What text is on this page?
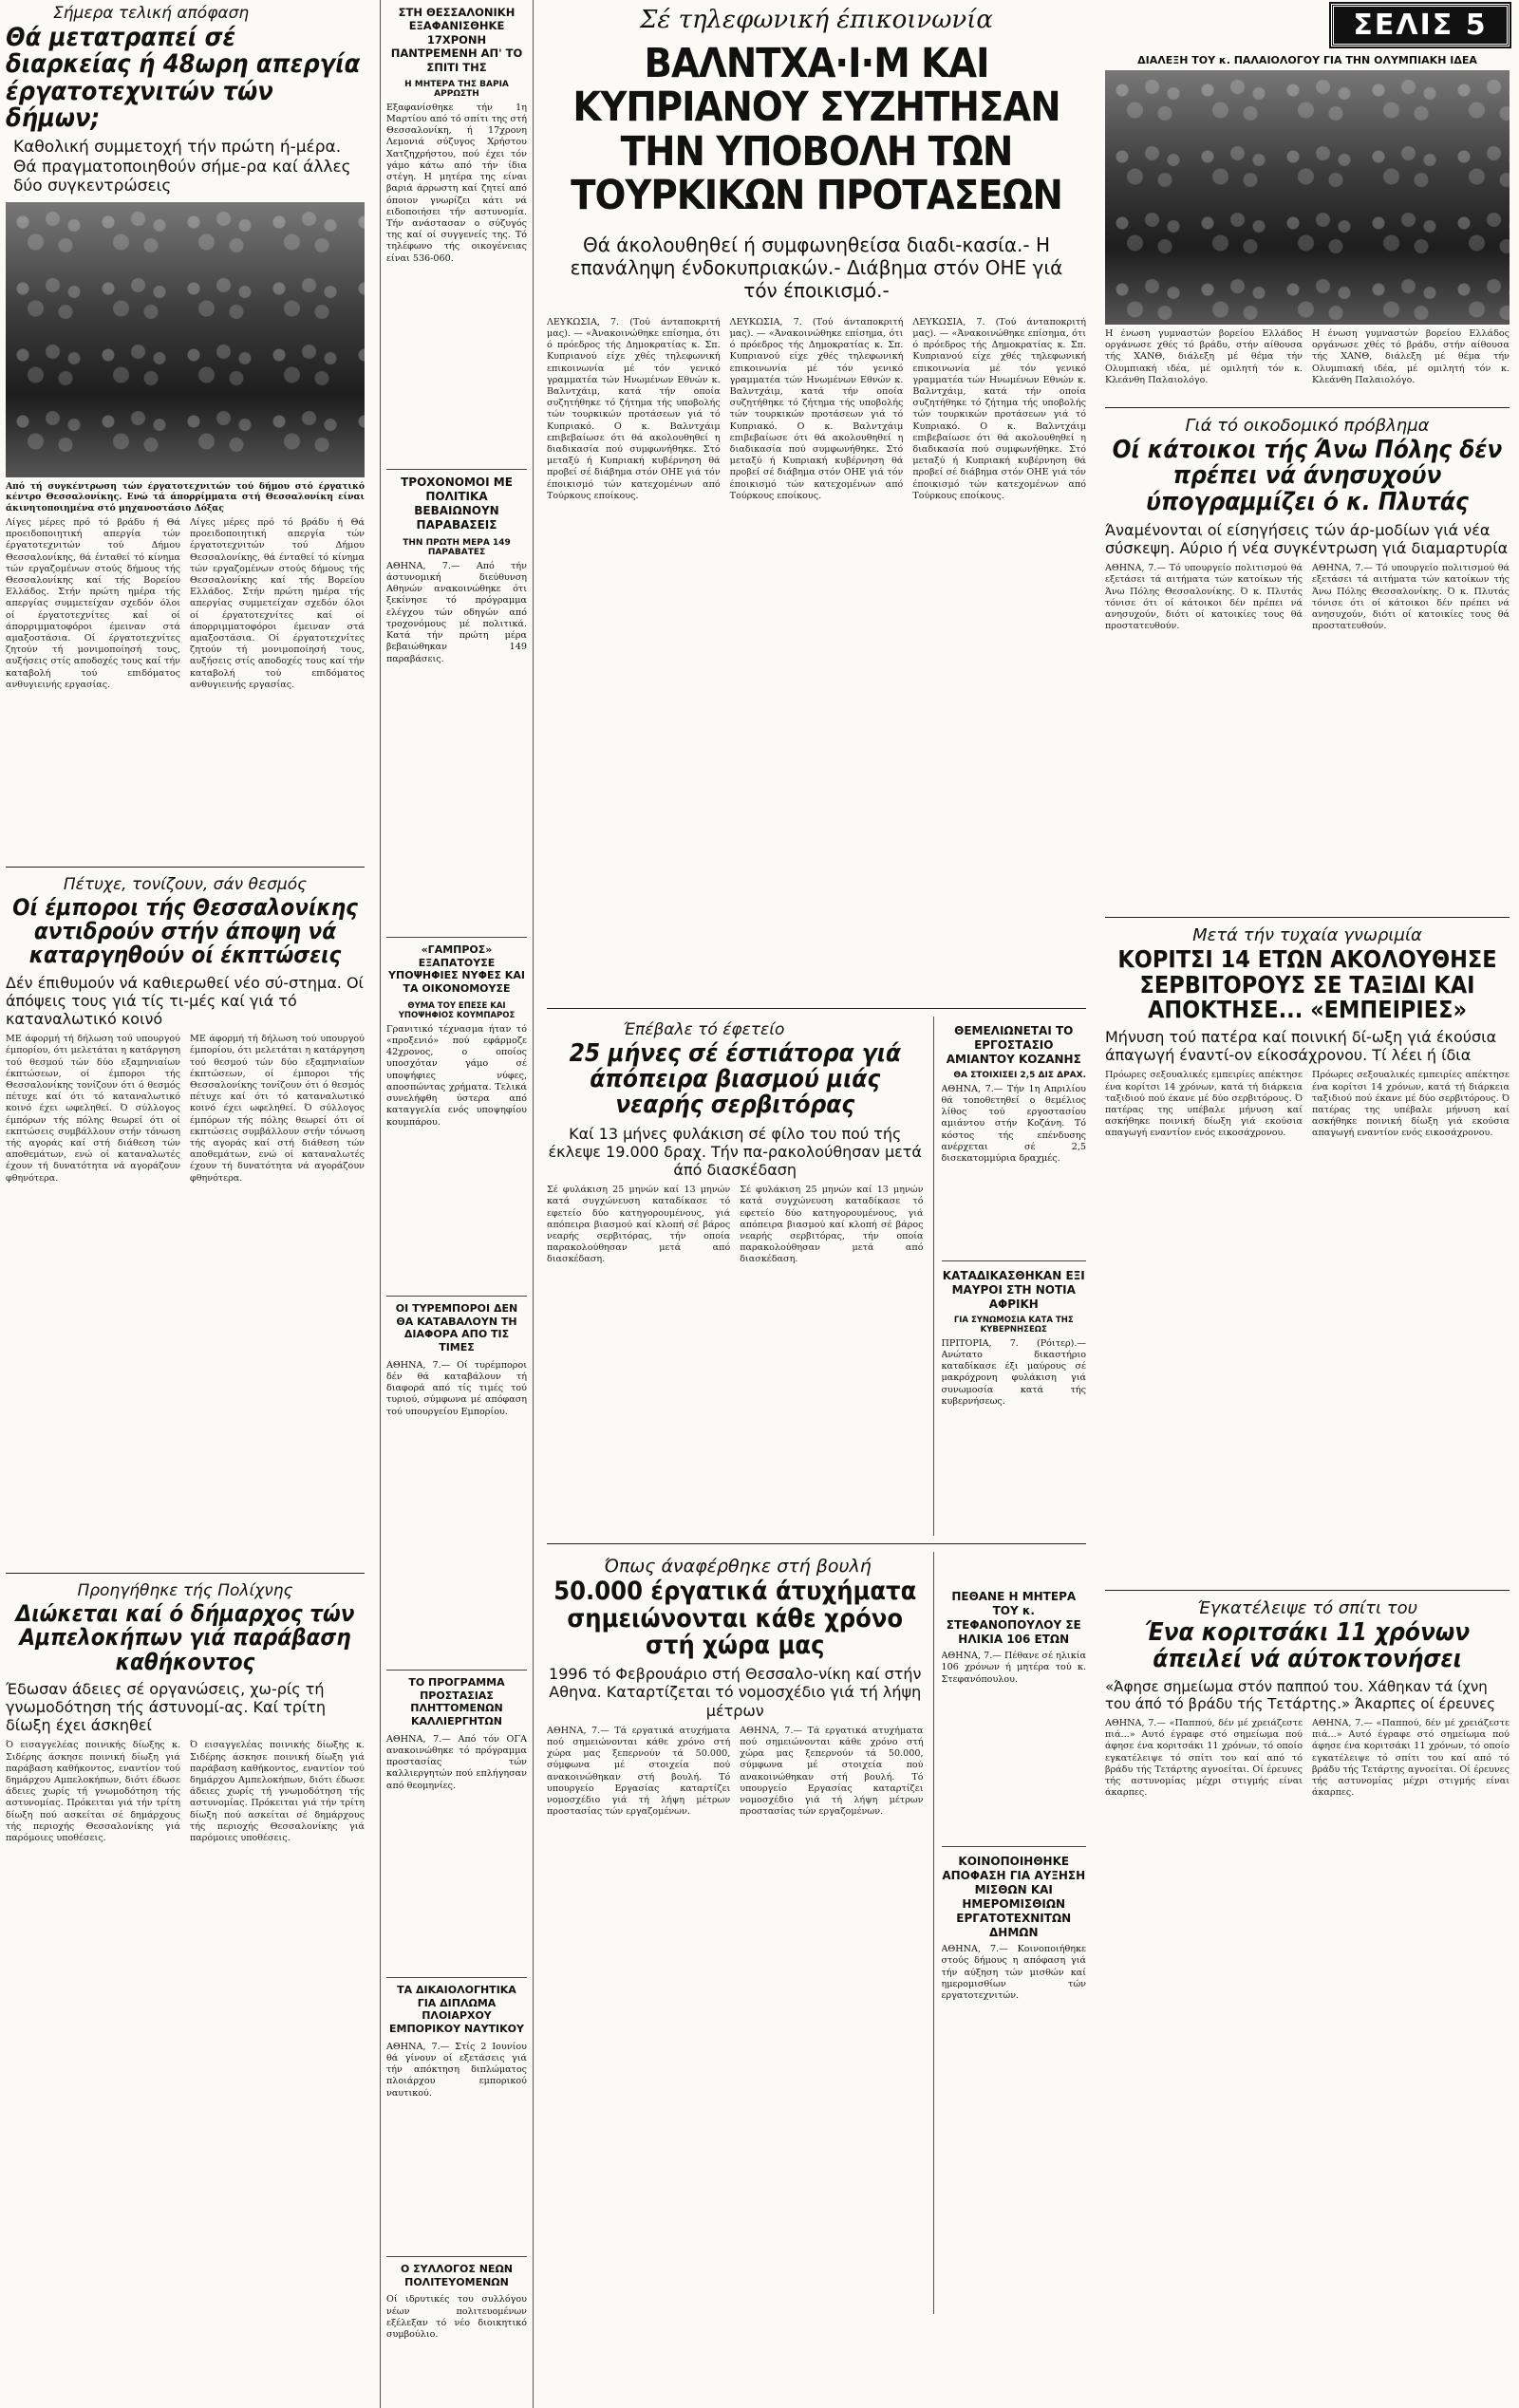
Σήμερα τελική απόφαση
Θά μετατραπεί σέ διαρκείας ή 48ωρη απεργία έργατοτεχνιτών τών δήμων;

Καθολική συμμετοχή τήν πρώτη ή-μέρα. Θά πραγματοποιηθούν σήμε-ρα καί άλλες δύο συγκεντρώσεις

Από τή συγκέντρωση τών έργατοτεχνιτών τού δήμου στό έργατικό κέντρο Θεσσαλονίκης. Ενώ τά άπορρίμματα στή Θεσσαλονίκη είναι άκινητοποιημένα στό μηχανοστάσιο Δόξας

Λίγες μέρες πρό τό βράδυ ή Θά προειδοποιητική απεργία τών έργατοτεχνιτών τού Δήμου Θεσσαλονίκης, θά ένταθεί τό κίνημα τών εργαζομένων στούς δήμους τής Θεσσαλονίκης καί τής Βορείου Ελλάδος. Στήν πρώτη ημέρα τής απεργίας συμμετείχαν σχεδόν όλοι οί έργατοτεχνίτες καί οί άπορριμματοφόροι έμειναν στά αμαξοστάσια. Οί έργατοτεχνίτες ζητούν τή μονιμοποίησή τους, αυξήσεις στίς αποδοχές τους καί τήν καταβολή τού επιδόματος ανθυγιεινής εργασίας.
Λίγες μέρες πρό τό βράδυ ή Θά προειδοποιητική απεργία τών έργατοτεχνιτών τού Δήμου Θεσσαλονίκης, θά ένταθεί τό κίνημα τών εργαζομένων στούς δήμους τής Θεσσαλονίκης καί τής Βορείου Ελλάδος. Στήν πρώτη ημέρα τής απεργίας συμμετείχαν σχεδόν όλοι οί έργατοτεχνίτες καί οί άπορριμματοφόροι έμειναν στά αμαξοστάσια. Οί έργατοτεχνίτες ζητούν τή μονιμοποίησή τους, αυξήσεις στίς αποδοχές τους καί τήν καταβολή τού επιδόματος ανθυγιεινής εργασίας.
Πέτυχε, τονίζουν, σάν θεσμός
Οί έμποροι τής Θεσσαλονίκης αντιδρούν στήν άποψη νά καταργηθούν οί έκπτώσεις

Δέν έπιθυμούν νά καθιερωθεί νέο σύ-στημα. Οί άπόψεις τους γιά τίς τι-μές καί γιά τό καταναλωτικό κοινό

ΜΕ άφορμή τή δήλωση τού υπουργού έμπορίου, ότι μελετάται η κατάργηση τού θεσμού τών δύο εξαμηνιαίων έκπτώσεων, οί έμποροι τής Θεσσαλονίκης τονίζουν ότι ό θεσμός πέτυχε καί ότι τό καταναλωτικό κοινό έχει ωφεληθεί. Ό σύλλογος έμπόρων τής πόλης θεωρεί ότι οί εκπτώσεις συμβάλλουν στήν τόνωση τής αγοράς καί στή διάθεση τών αποθεμάτων, ενώ οί καταναλωτές έχουν τή δυνατότητα νά αγοράζουν φθηνότερα.
ΜΕ άφορμή τή δήλωση τού υπουργού έμπορίου, ότι μελετάται η κατάργηση τού θεσμού τών δύο εξαμηνιαίων έκπτώσεων, οί έμποροι τής Θεσσαλονίκης τονίζουν ότι ό θεσμός πέτυχε καί ότι τό καταναλωτικό κοινό έχει ωφεληθεί. Ό σύλλογος έμπόρων τής πόλης θεωρεί ότι οί εκπτώσεις συμβάλλουν στήν τόνωση τής αγοράς καί στή διάθεση τών αποθεμάτων, ενώ οί καταναλωτές έχουν τή δυνατότητα νά αγοράζουν φθηνότερα.
Προηγήθηκε τής Πολίχνης
Διώκεται καί ό δήμαρχος τών Αμπελοκήπων γιά παράβαση καθήκοντος

Έδωσαν άδειες σέ οργανώσεις, χω-ρίς τή γνωμοδότηση τής άστυνομί-ας. Καί τρίτη δίωξη έχει άσκηθεί

Ό εισαγγελέας ποινικής δίωξης κ. Σιδέρης άσκησε ποινική δίωξη γιά παράβαση καθήκοντος, εναντίον τού δημάρχου Αμπελοκήπων, διότι έδωσε άδειες χωρίς τή γνωμοδότηση τής αστυνομίας. Πρόκειται γιά τήν τρίτη δίωξη πού ασκείται σέ δημάρχους τής περιοχής Θεσσαλονίκης γιά παρόμοιες υποθέσεις.
Ό εισαγγελέας ποινικής δίωξης κ. Σιδέρης άσκησε ποινική δίωξη γιά παράβαση καθήκοντος, εναντίον τού δημάρχου Αμπελοκήπων, διότι έδωσε άδειες χωρίς τή γνωμοδότηση τής αστυνομίας. Πρόκειται γιά τήν τρίτη δίωξη πού ασκείται σέ δημάρχους τής περιοχής Θεσσαλονίκης γιά παρόμοιες υποθέσεις.
ΣΤΗ ΘΕΣΣΑΛΟΝΙΚΗ ΕΞΑΦΑΝΙΣΘΗΚΕ 17ΧΡΟΝΗ ΠΑΝΤΡΕΜΕΝΗ ΑΠ' ΤΟ ΣΠΙΤΙ ΤΗΣ
Η ΜΗΤΕΡΑ ΤΗΣ ΒΑΡΙΑ ΑΡΡΩΣΤΗ

Εξαφανίσθηκε τήν 1η Μαρτίου από τό σπίτι της στή Θεσσαλονίκη, ή 17χρονη Λεμονιά σύζυγος Χρήστου Χατζηχρήστου, πού έχει τόν γάμο κάτω από τήν ίδια στέγη. Η μητέρα της είναι βαριά άρρωστη καί ζητεί από όποιον γνωρίζει κάτι νά ειδοποιήσει τήν αστυνομία. Τήν ανάστασαν ο σύζυγός της καί οί συγγενείς της. Τό τηλέφωνο τής οικογένειας είναι 536-060.

ΤΡΟΧΟΝΟΜΟΙ ΜΕ ΠΟΛΙΤΙΚΑ ΒΕΒΑΙΩΝΟΥΝ ΠΑΡΑΒΑΣΕΙΣ
ΤΗΝ ΠΡΩΤΗ ΜΕΡΑ 149 ΠΑΡΑΒΑΤΕΣ

ΑΘΗΝΑ, 7.— Από τήν άστυνομική διεύθυνση Αθηνών ανακοινώθηκε ότι ξεκίνησε τό πρόγραμμα ελέγχου τών οδηγών από τροχονόμους μέ πολιτικά. Κατά τήν πρώτη μέρα βεβαιώθηκαν 149 παραβάσεις.

«ΓΑΜΠΡΟΣ» ΕΞΑΠΑΤΟΥΣΕ ΥΠΟΨΗΦΙΕΣ ΝΥΦΕΣ ΚΑΙ ΤΑ ΟΙΚΟΝΟΜΟΥΣΕ
ΘΥΜΑ ΤΟΥ ΕΠΕΣΕ ΚΑΙ ΥΠΟΨΗΦΙΟΣ ΚΟΥΜΠΑΡΟΣ

Γρανιτικό τέχνασμα ήταν τό «προξενιό» πού εφάρμοζε 42χρονος, ο οποίος υποσχόταν γάμο σέ υποψήφιες νύφες, αποσπώντας χρήματα. Τελικά συνελήφθη ύστερα από καταγγελία ενός υποψηφίου κουμπάρου.

ΟΙ ΤΥΡΕΜΠΟΡΟΙ ΔΕΝ ΘΑ ΚΑΤΑΒΑΛΟΥΝ ΤΗ ΔΙΑΦΟΡΑ ΑΠΟ ΤΙΣ ΤΙΜΕΣ

ΑΘΗΝΑ, 7.— Οί τυρέμποροι δέν θά καταβάλουν τή διαφορά από τίς τιμές τού τυριού, σύμφωνα μέ απόφαση τού υπουργείου Εμπορίου.

ΤΟ ΠΡΟΓΡΑΜΜΑ ΠΡΟΣΤΑΣΙΑΣ ΠΛΗΤΤΟΜΕΝΩΝ ΚΑΛΛΙΕΡΓΗΤΩΝ

ΑΘΗΝΑ, 7.— Από τόν ΟΓΑ ανακοινώθηκε τό πρόγραμμα προστασίας τών καλλιεργητών πού επλήγησαν από θεομηνίες.

ΤΑ ΔΙΚΑΙΟΛΟΓΗΤΙΚΑ ΓΙΑ ΔΙΠΛΩΜΑ ΠΛΟΙΑΡΧΟΥ ΕΜΠΟΡΙΚΟΥ ΝΑΥΤΙΚΟΥ

ΑΘΗΝΑ, 7.— Στίς 2 Ιουνίου θά γίνουν οί εξετάσεις γιά τήν απόκτηση διπλώματος πλοιάρχου εμπορικού ναυτικού.

Ο ΣΥΛΛΟΓΟΣ ΝΕΩΝ ΠΟΛΙΤΕΥΟΜΕΝΩΝ

Οί ιδρυτικές του συλλόγου νέων πολιτευομένων εξέλεξαν τό νέο διοικητικό συμβούλιο.

Σέ τηλεφωνική έπικοινωνία
ΒΑΛΝΤΧΑ·Ι·Μ ΚΑΙ ΚΥΠΡΙΑΝΟΥ ΣΥΖΗΤΗΣΑΝ ΤΗΝ ΥΠΟΒΟΛΗ ΤΩΝ ΤΟΥΡΚΙΚΩΝ ΠΡΟΤΑΣΕΩΝ

Θά άκολουθηθεί ή συμφωνηθείσα διαδι-κασία.- Η επανάληψη ένδοκυπριακών.- Διάβημα στόν ΟΗΕ γιά τόν έποικισμό.-

ΛΕΥΚΩΣΙΑ, 7. (Τού άνταποκριτή μας). — «Άνακοινώθηκε επίσημα, ότι ό πρόεδρος τής Δημοκρατίας κ. Σπ. Κυπριανού είχε χθές τηλεφωνική επικοινωνία μέ τόν γενικό γραμματέα τών Ηνωμένων Εθνών κ. Βαλντχάιμ, κατά τήν οποία συζητήθηκε τό ζήτημα τής υποβολής τών τουρκικών προτάσεων γιά τό Κυπριακό. Ο κ. Βαλντχάιμ επιβεβαίωσε ότι θά ακολουθηθεί η διαδικασία πού συμφωνήθηκε. Στό μεταξύ ή Κυπριακή κυβέρνηση θά προβεί σέ διάβημα στόν ΟΗΕ γιά τόν έποικισμό τών κατεχομένων από Τούρκους εποίκους.
ΛΕΥΚΩΣΙΑ, 7. (Τού άνταποκριτή μας). — «Άνακοινώθηκε επίσημα, ότι ό πρόεδρος τής Δημοκρατίας κ. Σπ. Κυπριανού είχε χθές τηλεφωνική επικοινωνία μέ τόν γενικό γραμματέα τών Ηνωμένων Εθνών κ. Βαλντχάιμ, κατά τήν οποία συζητήθηκε τό ζήτημα τής υποβολής τών τουρκικών προτάσεων γιά τό Κυπριακό. Ο κ. Βαλντχάιμ επιβεβαίωσε ότι θά ακολουθηθεί η διαδικασία πού συμφωνήθηκε. Στό μεταξύ ή Κυπριακή κυβέρνηση θά προβεί σέ διάβημα στόν ΟΗΕ γιά τόν έποικισμό τών κατεχομένων από Τούρκους εποίκους.
ΛΕΥΚΩΣΙΑ, 7. (Τού άνταποκριτή μας). — «Άνακοινώθηκε επίσημα, ότι ό πρόεδρος τής Δημοκρατίας κ. Σπ. Κυπριανού είχε χθές τηλεφωνική επικοινωνία μέ τόν γενικό γραμματέα τών Ηνωμένων Εθνών κ. Βαλντχάιμ, κατά τήν οποία συζητήθηκε τό ζήτημα τής υποβολής τών τουρκικών προτάσεων γιά τό Κυπριακό. Ο κ. Βαλντχάιμ επιβεβαίωσε ότι θά ακολουθηθεί η διαδικασία πού συμφωνήθηκε. Στό μεταξύ ή Κυπριακή κυβέρνηση θά προβεί σέ διάβημα στόν ΟΗΕ γιά τόν έποικισμό τών κατεχομένων από Τούρκους εποίκους.
Έπέβαλε τό έφετείο
25 μήνες σέ έστιάτορα γιά άπόπειρα βιασμού μιάς νεαρής σερβιτόρας

Καί 13 μήνες φυλάκιση σέ φίλο του πού τής έκλεψε 19.000 δραχ. Τήν πα-ρακολούθησαν μετά άπό διασκέδαση

Σέ φυλάκιση 25 μηνών καί 13 μηνών κατά συγχώνευση καταδίκασε τό εφετείο δύο κατηγορουμένους, γιά απόπειρα βιασμού καί κλοπή σέ βάρος νεαρής σερβιτόρας, τήν οποία παρακολούθησαν μετά από διασκέδαση.
Σέ φυλάκιση 25 μηνών καί 13 μηνών κατά συγχώνευση καταδίκασε τό εφετείο δύο κατηγορουμένους, γιά απόπειρα βιασμού καί κλοπή σέ βάρος νεαρής σερβιτόρας, τήν οποία παρακολούθησαν μετά από διασκέδαση.
ΘΕΜΕΛΙΩΝΕΤΑΙ ΤΟ ΕΡΓΟΣΤΑΣΙΟ ΑΜΙΑΝΤΟΥ ΚΟΖΑΝΗΣ
ΘΑ ΣΤΟΙΧΙΣΕΙ 2,5 ΔΙΣ ΔΡΑΧ.

ΑΘΗΝΑ, 7.— Τήν 1η Απριλίου θά τοποθετηθεί ο θεμέλιος λίθος τού εργοστασίου αμιάντου στήν Κοζάνη. Τό κόστος τής επένδυσης ανέρχεται σέ 2,5 δισεκατομμύρια δραχμές.

ΚΑΤΑΔΙΚΑΣΘΗΚΑΝ ΕΞΙ ΜΑΥΡΟΙ ΣΤΗ ΝΟΤΙΑ ΑΦΡΙΚΗ
ΓΙΑ ΣΥΝΩΜΟΣΙΑ ΚΑΤΑ ΤΗΣ ΚΥΒΕΡΝΗΣΕΩΣ

ΠΡΙΤΟΡΙΑ, 7. (Ρόιτερ).— Ανώτατο δικαστήριο καταδίκασε έξι μαύρους σέ μακρόχρονη φυλάκιση γιά συνωμοσία κατά τής κυβερνήσεως.

Όπως άναφέρθηκε στή βουλή
50.000 έργατικά άτυχήματα σημειώνονται κάθε χρόνο στή χώρα μας

1996 τό Φεβρουάριο στή Θεσσαλο-νίκη καί στήν Αθηνα. Καταρτίζεται τό νομοσχέδιο γιά τή λήψη μέτρων

ΑΘΗΝΑ, 7.— Τά εργατικά ατυχήματα πού σημειώνονται κάθε χρόνο στή χώρα μας ξεπερνούν τά 50.000, σύμφωνα μέ στοιχεία πού ανακοινώθηκαν στή βουλή. Τό υπουργείο Εργασίας καταρτίζει νομοσχέδιο γιά τή λήψη μέτρων προστασίας τών εργαζομένων.
ΑΘΗΝΑ, 7.— Τά εργατικά ατυχήματα πού σημειώνονται κάθε χρόνο στή χώρα μας ξεπερνούν τά 50.000, σύμφωνα μέ στοιχεία πού ανακοινώθηκαν στή βουλή. Τό υπουργείο Εργασίας καταρτίζει νομοσχέδιο γιά τή λήψη μέτρων προστασίας τών εργαζομένων.
ΠΕΘΑΝΕ Η ΜΗΤΕΡΑ ΤΟΥ κ. ΣΤΕΦΑΝΟΠΟΥΛΟΥ ΣΕ ΗΛΙΚΙΑ 106 ΕΤΩΝ

ΑΘΗΝΑ, 7.— Πέθανε σέ ηλικία 106 χρόνων ή μητέρα τού κ. Στεφανόπουλου.

ΚΟΙΝΟΠΟΙΗΘΗΚΕ ΑΠΟΦΑΣΗ ΓΙΑ ΑΥΞΗΣΗ ΜΙΣΘΩΝ ΚΑΙ ΗΜΕΡΟΜΙΣΘΙΩΝ ΕΡΓΑΤΟΤΕΧΝΙΤΩΝ ΔΗΜΩΝ

ΑΘΗΝΑ, 7.— Κοινοποιήθηκε στούς δήμους η απόφαση γιά τήν αύξηση τών μισθών καί ημερομισθίων τών εργατοτεχνιτών.

ΣΕΛΙΣ 5
ΔΙΑΛΕΞΗ ΤΟΥ κ. ΠΑΛΑΙΟΛΟΓΟΥ ΓΙΑ ΤΗΝ ΟΛΥΜΠΙΑΚΗ ΙΔΕΑ
Η ένωση γυμναστών βορείου Ελλάδος οργάνωσε χθές τό βράδυ, στήν αίθουσα τής ΧΑΝΘ, διάλεξη μέ θέμα τήν Ολυμπιακή ιδέα, μέ ομιλητή τόν κ. Κλεάνθη Παλαιολόγο.
Η ένωση γυμναστών βορείου Ελλάδος οργάνωσε χθές τό βράδυ, στήν αίθουσα τής ΧΑΝΘ, διάλεξη μέ θέμα τήν Ολυμπιακή ιδέα, μέ ομιλητή τόν κ. Κλεάνθη Παλαιολόγο.
Γιά τό οικοδομικό πρόβλημα
Οί κάτοικοι τής Άνω Πόλης δέν πρέπει νά άνησυχούν ύπογραμμίζει ό κ. Πλυτάς

Άναμένονται οί είσηγήσεις τών άρ-μοδίων γιά νέα σύσκεψη. Αύριο ή νέα συγκέντρωση γιά διαμαρτυρία

ΑΘΗΝΑ, 7.— Τό υπουργείο πολιτισμού θά εξετάσει τά αιτήματα τών κατοίκων τής Άνω Πόλης Θεσσαλονίκης. Ό κ. Πλυτάς τόνισε ότι οί κάτοικοι δέν πρέπει νά ανησυχούν, διότι οί κατοικίες τους θά προστατευθούν.
ΑΘΗΝΑ, 7.— Τό υπουργείο πολιτισμού θά εξετάσει τά αιτήματα τών κατοίκων τής Άνω Πόλης Θεσσαλονίκης. Ό κ. Πλυτάς τόνισε ότι οί κάτοικοι δέν πρέπει νά ανησυχούν, διότι οί κατοικίες τους θά προστατευθούν.
Μετά τήν τυχαία γνωριμία
ΚΟΡΙΤΣΙ 14 ΕΤΩΝ ΑΚΟΛΟΥΘΗΣΕ ΣΕΡΒΙΤΟΡΟΥΣ ΣΕ ΤΑΞΙΔΙ ΚΑΙ ΑΠΟΚΤΗΣΕ... «ΕΜΠΕΙΡΙΕΣ»

Μήνυση τού πατέρα καί ποινική δί-ωξη γιά έκούσια άπαγωγή έναντί-ον είκοσάχρονου. Τί λέει ή ίδια

Πρόωρες σεξουαλικές εμπειρίες απέκτησε ένα κορίτσι 14 χρόνων, κατά τή διάρκεια ταξιδιού πού έκανε μέ δύο σερβιτόρους. Ό πατέρας της υπέβαλε μήνυση καί ασκήθηκε ποινική δίωξη γιά εκούσια απαγωγή εναντίον ενός εικοσάχρονου.
Πρόωρες σεξουαλικές εμπειρίες απέκτησε ένα κορίτσι 14 χρόνων, κατά τή διάρκεια ταξιδιού πού έκανε μέ δύο σερβιτόρους. Ό πατέρας της υπέβαλε μήνυση καί ασκήθηκε ποινική δίωξη γιά εκούσια απαγωγή εναντίον ενός εικοσάχρονου.
Έγκατέλειψε τό σπίτι του
Ένα κοριτσάκι 11 χρόνων άπειλεί νά αύτοκτονήσει

«Άφησε σημείωμα στόν παππού του. Χάθηκαν τά ίχνη του άπό τό βράδυ τής Τετάρτης.» Άκαρπες οί έρευνες

ΑΘΗΝΑ, 7.— «Παππού, δέν μέ χρειάζεστε πιά...» Αυτό έγραφε στό σημείωμα πού άφησε ένα κοριτσάκι 11 χρόνων, τό οποίο εγκατέλειψε τό σπίτι του καί από τό βράδυ τής Τετάρτης αγνοείται. Οί έρευνες τής αστυνομίας μέχρι στιγμής είναι άκαρπες.
ΑΘΗΝΑ, 7.— «Παππού, δέν μέ χρειάζεστε πιά...» Αυτό έγραφε στό σημείωμα πού άφησε ένα κοριτσάκι 11 χρόνων, τό οποίο εγκατέλειψε τό σπίτι του καί από τό βράδυ τής Τετάρτης αγνοείται. Οί έρευνες τής αστυνομίας μέχρι στιγμής είναι άκαρπες.
